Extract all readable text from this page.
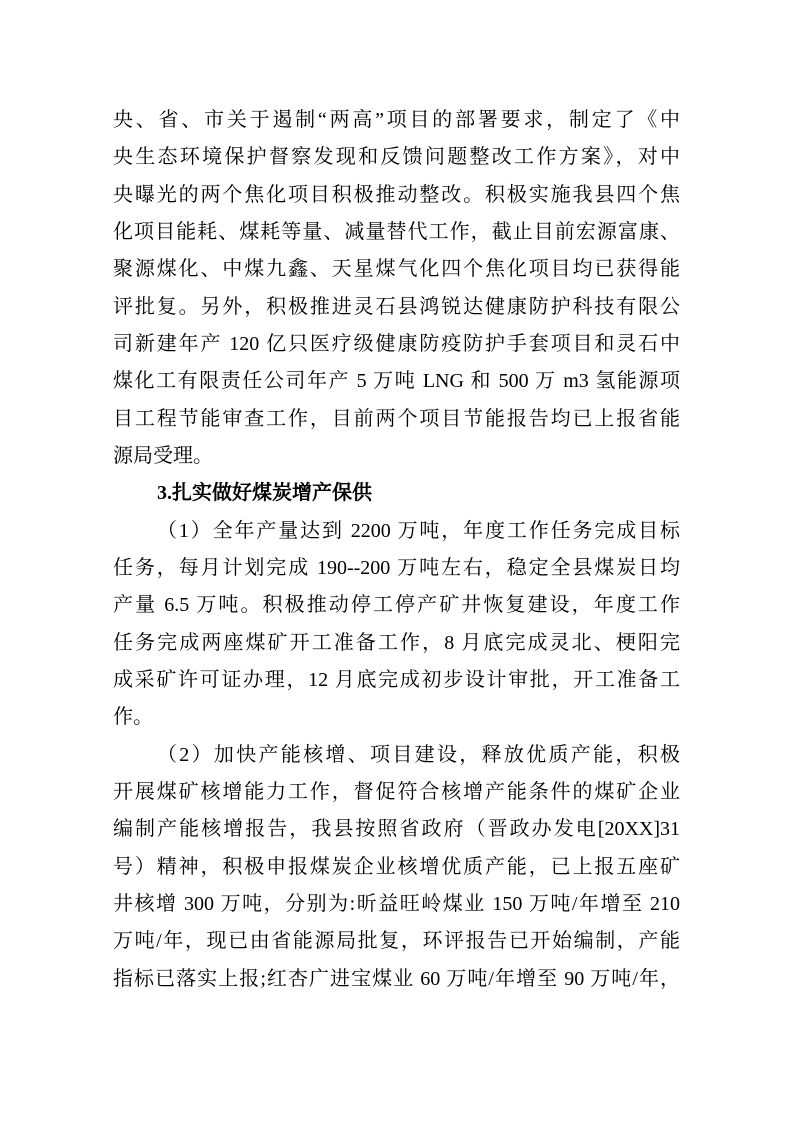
央、省、市关于遏制“两高”项目的部署要求，制定了《中
央生态环境保护督察发现和反馈问题整改工作方案》，对中
央曝光的两个焦化项目积极推动整改。积极实施我县四个焦
化项目能耗、煤耗等量、减量替代工作，截止目前宏源富康、
聚源煤化、中煤九鑫、天星煤气化四个焦化项目均已获得能
评批复。另外，积极推进灵石县鸿锐达健康防护科技有限公
司新建年产 120 亿只医疗级健康防疫防护手套项目和灵石中
煤化工有限责任公司年产 5 万吨 LNG 和 500 万 m3 氢能源项
目工程节能审查工作，目前两个项目节能报告均已上报省能
源局受理。
3.扎实做好煤炭增产保供
（1）全年产量达到 2200 万吨，年度工作任务完成目标
任务，每月计划完成 190--200 万吨左右，稳定全县煤炭日均
产量 6.5 万吨。积极推动停工停产矿井恢复建设，年度工作
任务完成两座煤矿开工准备工作，8 月底完成灵北、梗阳完
成采矿许可证办理，12 月底完成初步设计审批，开工准备工
作。
（2）加快产能核增、项目建设，释放优质产能，积极
开展煤矿核增能力工作，督促符合核增产能条件的煤矿企业
编制产能核增报告，我县按照省政府（晋政办发电[20XX]31
号）精神，积极申报煤炭企业核增优质产能，已上报五座矿
井核增 300 万吨，分别为:昕益旺岭煤业 150 万吨/年增至 210
万吨/年，现已由省能源局批复，环评报告已开始编制，产能
指标已落实上报;红杏广进宝煤业 60 万吨/年增至 90 万吨/年，
